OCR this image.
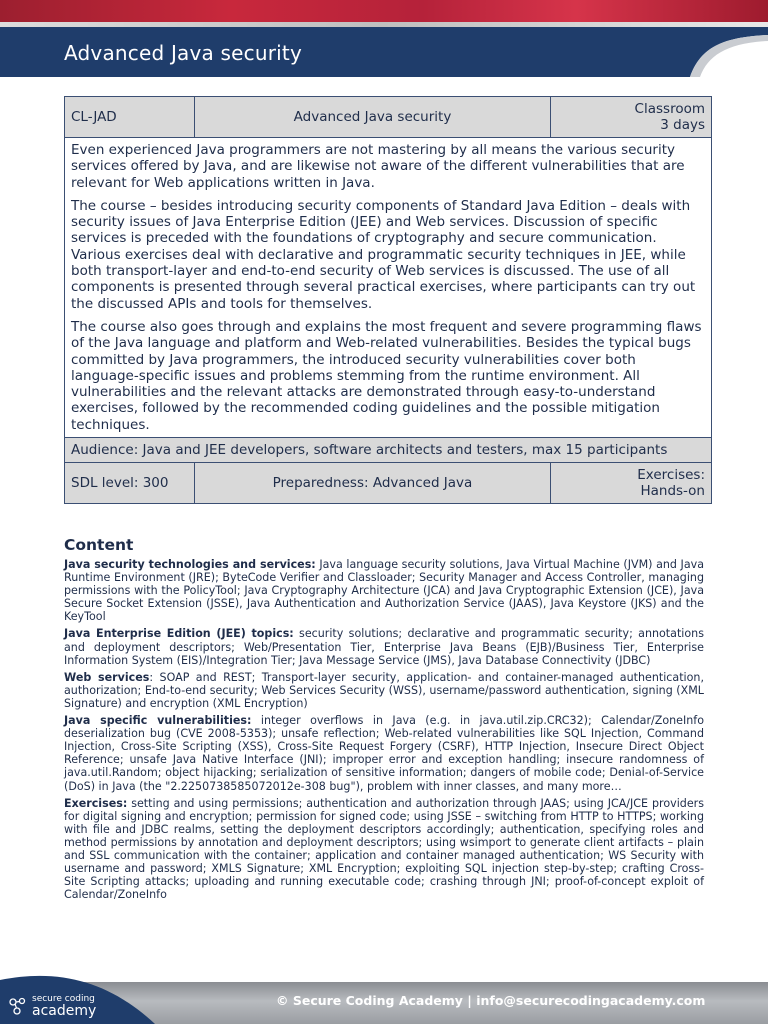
Advanced Java security
CL-JAD	Advanced Java security	Classroom
3 days

Even experienced Java programmers are not mastering by all means the various security services offered by Java, and are likewise not aware of the different vulnerabilities that are relevant for Web applications written in Java.

The course – besides introducing security components of Standard Java Edition – deals with security issues of Java Enterprise Edition (JEE) and Web services. Discussion of specific services is preceded with the foundations of cryptography and secure communication. Various exercises deal with declarative and programmatic security techniques in JEE, while both transport-layer and end-to-end security of Web services is discussed. The use of all components is presented through several practical exercises, where participants can try out the discussed APIs and tools for themselves.

The course also goes through and explains the most frequent and severe programming flaws of the Java language and platform and Web-related vulnerabilities. Besides the typical bugs committed by Java programmers, the introduced security vulnerabilities cover both language-specific issues and problems stemming from the runtime environment. All vulnerabilities and the relevant attacks are demonstrated through easy-to-understand exercises, followed by the recommended coding guidelines and the possible mitigation techniques.		

Audience: Java and JEE developers, software architects and testers, max 15 participants		
SDL level: 300	Preparedness: Advanced Java	Exercises:
Hands-on
Content

Java security technologies and services: Java language security solutions, Java Virtual Machine (JVM) and Java Runtime Environment (JRE); ByteCode Verifier and Classloader; Security Manager and Access Controller, managing permissions with the PolicyTool; Java Cryptography Architecture (JCA) and Java Cryptographic Extension (JCE), Java Secure Socket Extension (JSSE), Java Authentication and Authorization Service (JAAS), Java Keystore (JKS) and the KeyTool

Java Enterprise Edition (JEE) topics: security solutions; declarative and programmatic security; annotations and deployment descriptors; Web/Presentation Tier, Enterprise Java Beans (EJB)/Business Tier, Enterprise Information System (EIS)/Integration Tier; Java Message Service (JMS), Java Database Connectivity (JDBC)

Web services: SOAP and REST; Transport-layer security, application- and container-managed authentication, authorization; End-to-end security; Web Services Security (WSS), username/password authentication, signing (XML Signature) and encryption (XML Encryption)

Java specific vulnerabilities: integer overflows in Java (e.g. in java.util.zip.CRC32); Calendar/ZoneInfo deserialization bug (CVE 2008-5353); unsafe reflection; Web-related vulnerabilities like SQL Injection, Command Injection, Cross-Site Scripting (XSS), Cross-Site Request Forgery (CSRF), HTTP Injection, Insecure Direct Object Reference; unsafe Java Native Interface (JNI); improper error and exception handling; insecure randomness of java.util.Random; object hijacking; serialization of sensitive information; dangers of mobile code; Denial-of-Service (DoS) in Java (the "2.2250738585072012e-308 bug"), problem with inner classes, and many more…

Exercises: setting and using permissions; authentication and authorization through JAAS; using JCA/JCE providers for digital signing and encryption; permission for signed code; using JSSE – switching from HTTP to HTTPS; working with file and JDBC realms, setting the deployment descriptors accordingly; authentication, specifying roles and method permissions by annotation and deployment descriptors; using wsimport to generate client artifacts – plain and SSL communication with the container; application and container managed authentication; WS Security with username and password; XMLS Signature; XML Encryption; exploiting SQL injection step-by-step; crafting Cross-Site Scripting attacks; uploading and running executable code; crashing through JNI; proof-of-concept exploit of Calendar/ZoneInfo

secure coding
academy
© Secure Coding Academy | info@securecodingacademy.com
